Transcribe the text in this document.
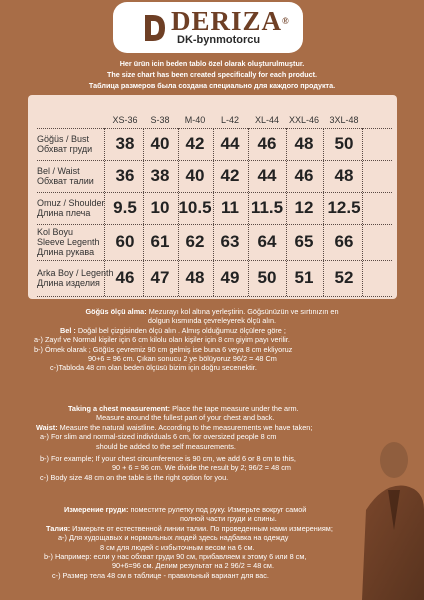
DERIZA®
DK-bynmotorcu
Her ürün icin beden tablo özel olarak oluşturulmuştur.
The size chart has been created specifically for each product.
Таблица размеров была создана специально для каждого продукта.
XS-36	S-38	M-40	L-42	XL-44	XXL-46	3XL-48
Göğüs / Bust
Обхват груди	38 40 42 44	46	48	50
Bel / Waist
Обхват талии	36 38 40 42	44	46	48
Omuz / Shoulder
Длина плеча	9.5 10 10.5 11 11.5 12 12.5
Kol Boyu
Sleeve Legenth
Длина рукава
60 61 62 63	64	65	66
Arka Boy / Legenth
Длина изделия 46 47 48 49	50	51	52
Göğüs ölçü alma: Mezurayı kol altına yerleştirin. Göğsünüzün ve sırtınızın en
dolgun kısmında çevreleyerek ölçü alın.
Bel : Doğal bel çizgisinden ölçü alın . Almış olduğumuz ölçülere göre ;
a-) Zayıf ve Normal kişiler için 6 cm kilolu olan kişiler için 8 cm giyim payı verilir.
b-) Örnek olarak ; Göğüs çevremiz 90 cm gelmiş ise buna 6 veya 8 cm ekliyoruz
90+6 = 96 cm. Çıkan sonucu 2 ye bölüyoruz 96/2 = 48 Cm
c-)Tabloda 48 cm olan beden ölçüsü bizim için doğru secenektir.
Taking a chest measurement: Place the tape measure under the arm.
Measure around the fullest part of your chest and back.
Waist: Measure the natural waistline. According to the measurements we have taken;
a-) For slim and normal-sized individuals 6 cm, for oversized people 8 cm
should be added to the self measurements.
b-) For example; If your chest circumference is 90 cm, we add 6 or 8 cm to this,
90 + 6 = 96 cm. We divide the result by 2; 96/2 = 48 cm
c-) Body size 48 cm on the table is the right option for you.
Измерение груди: поместите рулетку под руку. Измерьте вокруг самой
полной части груди и спины.
Талия: Измерьте от естественной линии талии. По проведенным нами измерениям;
а-) Для худощавых и нормальных людей здесь надбавка на одежду
8 см для людей с избыточным весом на 6 см.
b-) Например: если у нас обхват груди 90 см, прибавляем к этому 6 или 8 см,
90+6=96 см. Делим результат на 2 96/2 = 48 см.
c-) Размер тела 48 см в таблице - правильный вариант для вас.
